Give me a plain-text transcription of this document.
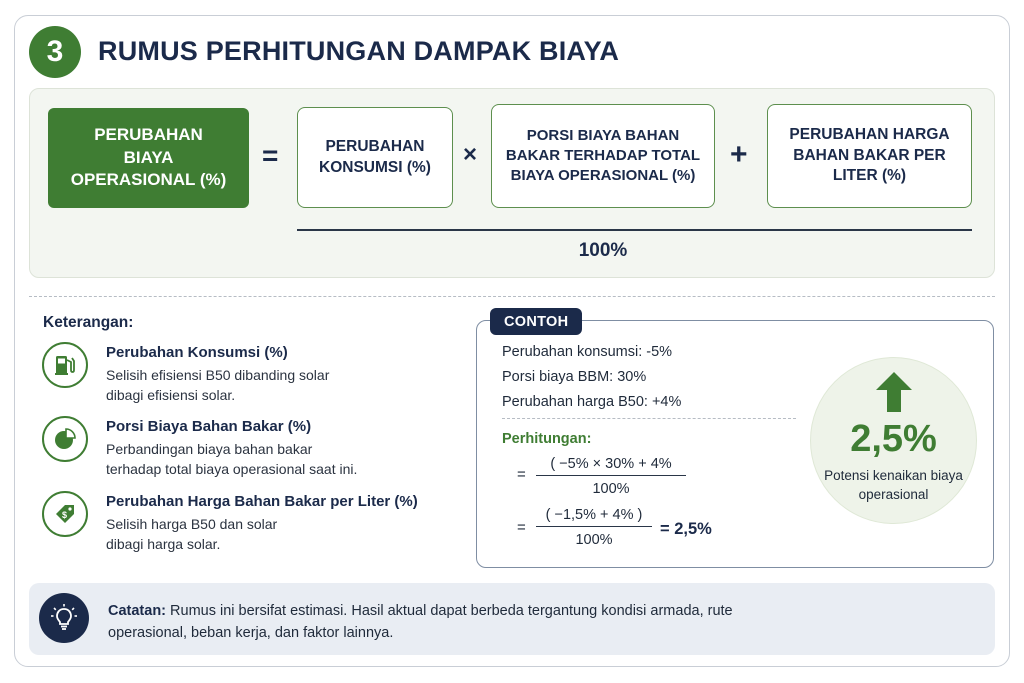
3	RUMUS PERHITUNGAN DAMPAK BIAYA
PERUBAHAN BIAYA OPERASIONAL (%)
=	PERUBAHAN KONSUMSI (%) ×
PORSI BIAYA BAHAN BAKAR TERHADAP TOTAL BIAYA OPERASIONAL (%)
+
PERUBAHAN HARGA BAHAN BAKAR PER LITER (%)
100%
Keterangan:
Perubahan Konsumsi (%)
Selisih efisiensi B50 dibanding solar
dibagi efisiensi solar.
Porsi Biaya Bahan Bakar (%)
Perbandingan biaya bahan bakar
terhadap total biaya operasional saat ini.
$
Perubahan Harga Bahan Bakar per Liter (%)
Selisih harga B50 dan solar
dibagi harga solar.
CONTOH
Perubahan konsumsi: -5%
Porsi biaya BBM: 30%
Perubahan harga B50: +4%
Perhitungan:
=
( −5% × 30% + 4%
100%
=
( −1,5% + 4% )
100%
= 2,5%
2,5%
Potensi kenaikan biaya operasional
Catatan: Rumus ini bersifat estimasi. Hasil aktual dapat berbeda tergantung kondisi armada, rute operasional, beban kerja, dan faktor lainnya.
